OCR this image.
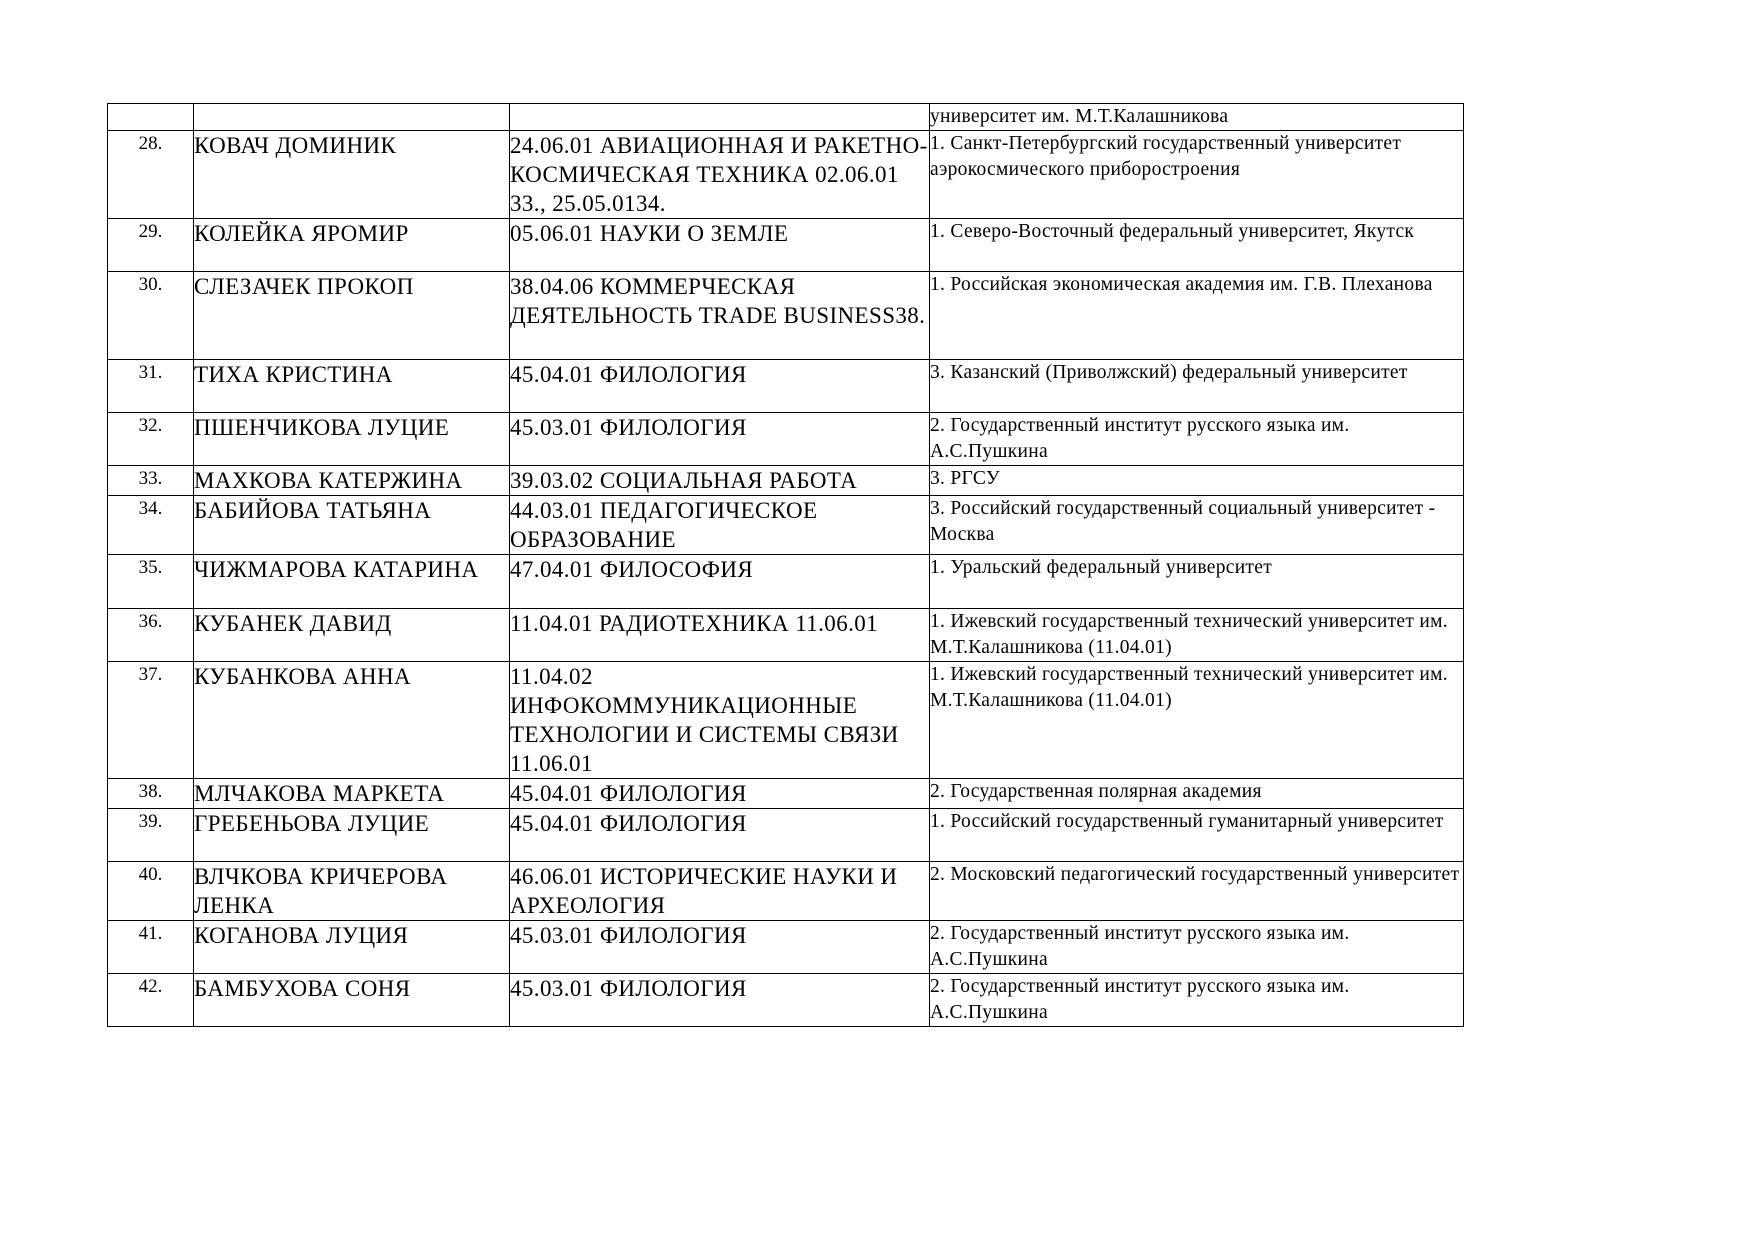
			университет им. М.Т.Калашникова
28.	КОВАЧ ДОМИНИК	24.06.01 АВИАЦИОННАЯ И РАКЕТНО-КОСМИЧЕСКАЯ ТЕХНИКА 02.06.01 33., 25.05.0134.	1. Санкт-Петербургский государственный университет аэрокосмического приборостроения
29.	КОЛЕЙКА ЯРОМИР	05.06.01 НАУКИ О ЗЕМЛЕ	1. Северо-Восточный федеральный университет, Якутск
30.	СЛЕЗАЧЕК ПРОКОП	38.04.06 КОММЕРЧЕСКАЯ ДЕЯТЕЛЬНОСТЬ TRADE BUSINESS38.	1. Российская экономическая академия им. Г.В. Плеханова
31.	ТИХА КРИСТИНА	45.04.01 ФИЛОЛОГИЯ	3. Казанский (Приволжский) федеральный университет
32.	ПШЕНЧИКОВА ЛУЦИЕ	45.03.01 ФИЛОЛОГИЯ	2. Государственный институт русского языка им. А.С.Пушкина
33.	МАХКОВА КАТЕРЖИНА	39.03.02 СОЦИАЛЬНАЯ РАБОТА	3. РГСУ
34.	БАБИЙОВА ТАТЬЯНА	44.03.01 ПЕДАГОГИЧЕСКОЕ ОБРАЗОВАНИЕ	3. Российский государственный социальный университет - Москва
35.	ЧИЖМАРОВА КАТАРИНА	47.04.01 ФИЛОСОФИЯ	1. Уральский федеральный университет
36.	КУБАНЕК ДАВИД	11.04.01 РАДИОТЕХНИКА 11.06.01	1. Ижевский государственный технический университет им. М.Т.Калашникова (11.04.01)
37.	КУБАНКОВА АННА	11.04.02 ИНФОКОММУНИКАЦИОННЫЕ ТЕХНОЛОГИИ И СИСТЕМЫ СВЯЗИ 11.06.01	1. Ижевский государственный технический университет им. М.Т.Калашникова (11.04.01)
38.	МЛЧАКОВА МАРКЕТА	45.04.01 ФИЛОЛОГИЯ	2. Государственная полярная академия
39.	ГРЕБЕНЬОВА ЛУЦИЕ	45.04.01 ФИЛОЛОГИЯ	1. Российский государственный гуманитарный университет
40.	ВЛЧКОВА КРИЧЕРОВА ЛЕНКА	46.06.01 ИСТОРИЧЕСКИЕ НАУКИ И АРХЕОЛОГИЯ	2. Московский педагогический государственный университет
41.	КОГАНОВА ЛУЦИЯ	45.03.01 ФИЛОЛОГИЯ	2. Государственный институт русского языка им. А.С.Пушкина
42.	БАМБУХОВА СОНЯ	45.03.01 ФИЛОЛОГИЯ	2. Государственный институт русского языка им. А.С.Пушкина
